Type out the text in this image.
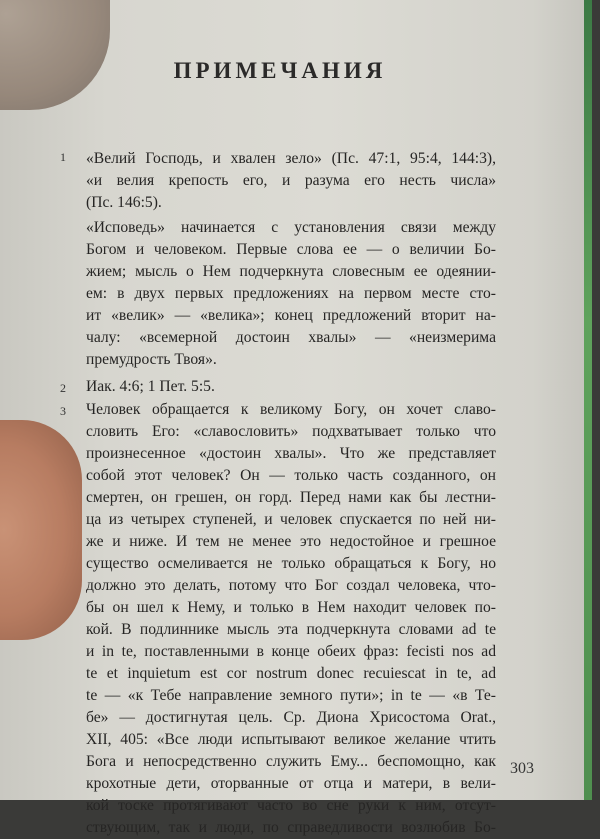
ПРИМЕЧАНИЯ
1 «Велий Господь, и хвален зело» (Пс. 47:1, 95:4, 144:3),
«и велия крепость его, и разума его несть числа»
(Пс. 146:5).
«Исповедь» начинается с установления связи между
Богом и человеком. Первые слова ее — о величии Бо-
жием; мысль о Нем подчеркнута словесным ее одеянии-
ем: в двух первых предложениях на первом месте сто-
ит «велик» — «велика»; конец предложений вторит на-
чалу: «всемерной достоин хвалы» — «неизмерима
премудрость Твоя».
2 Иак. 4:6; 1 Пет. 5:5.
3 Человек обращается к великому Богу, он хочет славо-
словить Его: «славословить» подхватывает только что
произнесенное «достоин хвалы». Что же представляет
собой этот человек? Он — только часть созданного, он
смертен, он грешен, он горд. Перед нами как бы лестни-
ца из четырех ступеней, и человек спускается по ней ни-
же и ниже. И тем не менее это недостойное и грешное
существо осмеливается не только обращаться к Богу, но
должно это делать, потому что Бог создал человека, что-
бы он шел к Нему, и только в Нем находит человек по-
кой. В подлиннике мысль эта подчеркнута словами ad te
и in te, поставленными в конце обеих фраз: fecisti nos ad
te et inquietum est cor nostrum donec recuiescat in te, ad
te — «к Тебе направление земного пути»; in te — «в Те-
бе» — достигнутая цель. Ср. Диона Хрисостома Orat.,
XII, 405: «Все люди испытывают великое желание чтить
Бога и непосредственно служить Ему... беспомощно, как
крохотные дети, оторванные от отца и матери, в вели-
кой тоске протягивают часто во сне руки к ним, отсут-
ствующим, так и люди, по справедливости возлюбив Бо-
303
